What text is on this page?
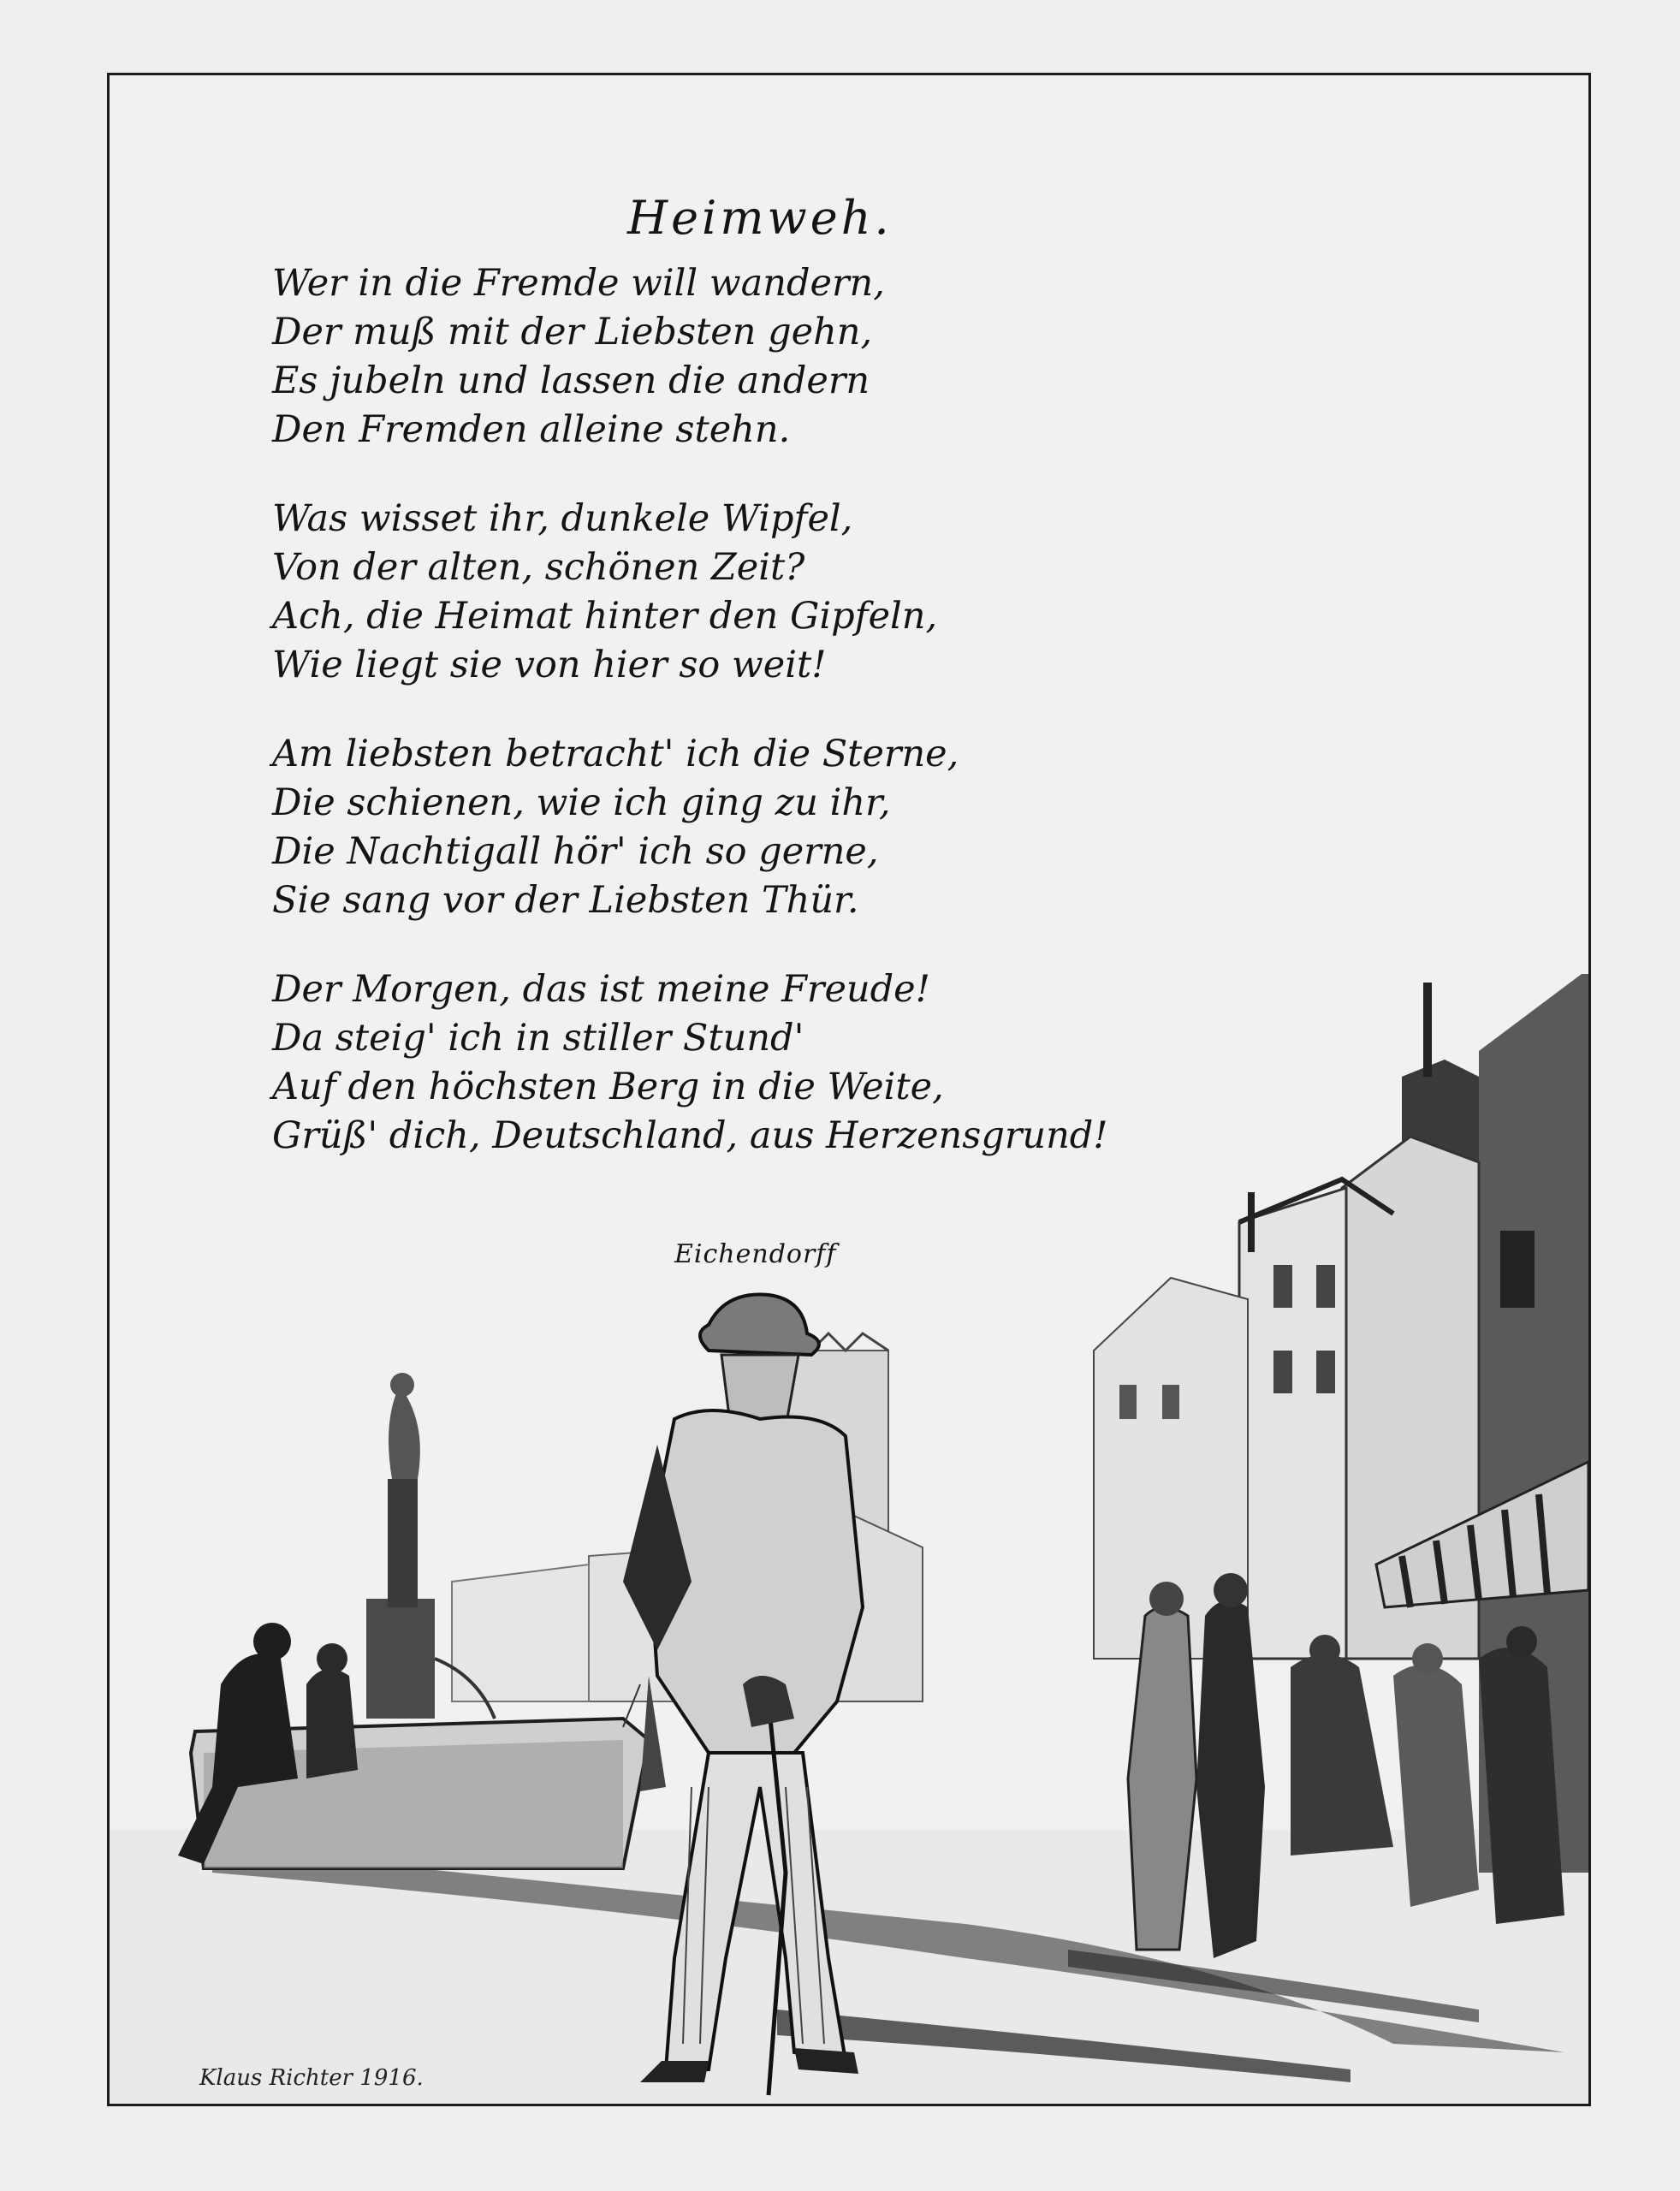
Heimweh.
Wer in die Fremde will wandern,
Der muß mit der Liebsten gehn,
Es jubeln und lassen die andern
Den Fremden alleine stehn.
Was wisset ihr, dunkele Wipfel,
Von der alten, schönen Zeit?
Ach, die Heimat hinter den Gipfeln,
Wie liegt sie von hier so weit!
Am liebsten betracht' ich die Sterne,
Die schienen, wie ich ging zu ihr,
Die Nachtigall hör' ich so gerne,
Sie sang vor der Liebsten Thür.
Der Morgen, das ist meine Freude!
Da steig' ich in stiller Stund'
Auf den höchsten Berg in die Weite,
Grüß' dich, Deutschland, aus Herzensgrund!
Eichendorff
Klaus Richter 1916.
